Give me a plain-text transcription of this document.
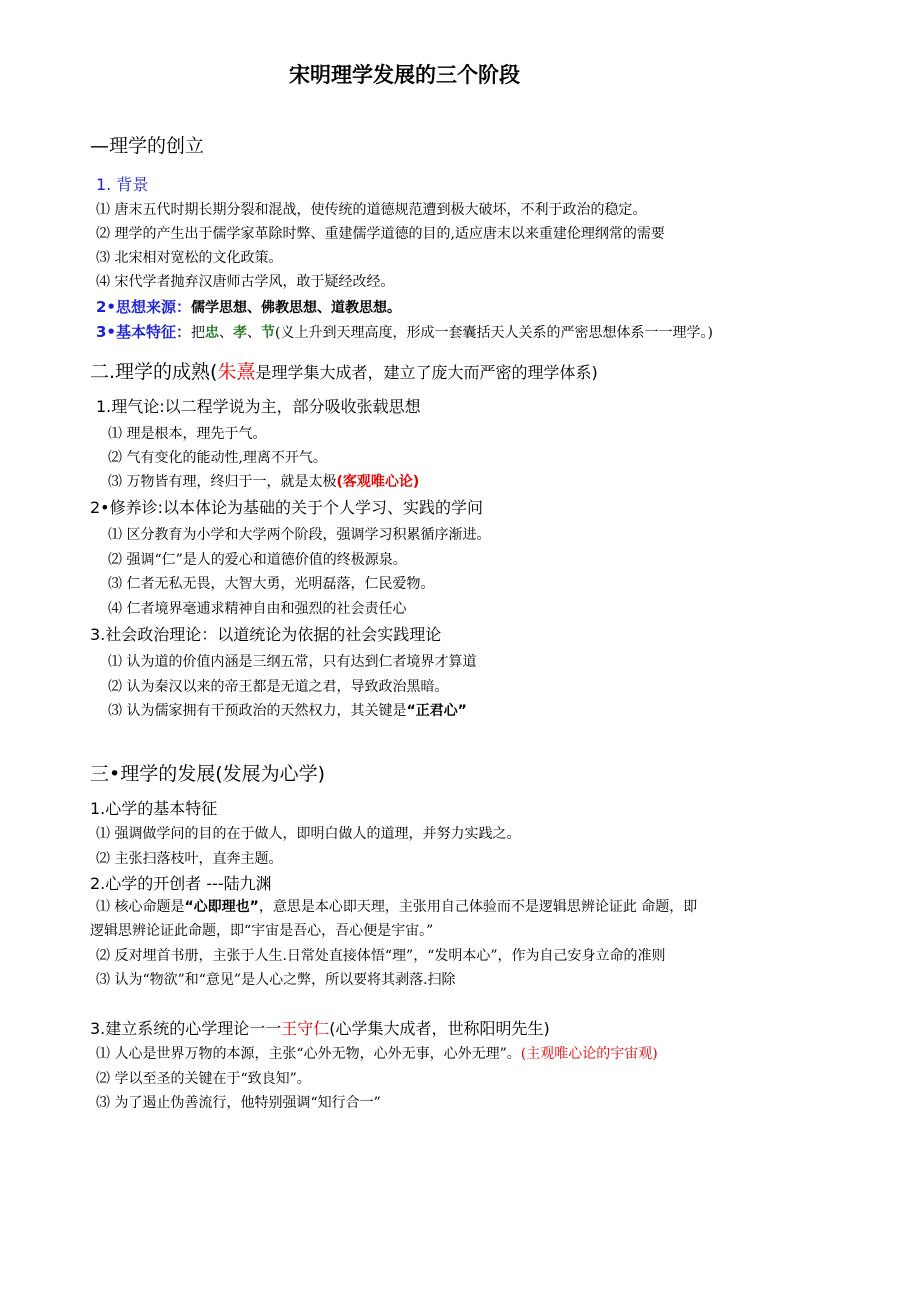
宋明理学发展的三个阶段
—理学的创立
1. 背景
⑴ 唐末五代时期长期分裂和混战，使传统的道德规范遭到极大破坏，不利于政治的稳定。
⑵ 理学的产生出于儒学家革除时弊、重建儒学道德的目的,适应唐末以来重建伦理纲常的需要
⑶ 北宋相对宽松的文化政策。
⑷ 宋代学者抛弃汉唐师古学风，敢于疑经改经。
2•思想来源：儒学思想、佛教思想、道教思想。
3•基本特征：把忠、孝、节(义上升到天理高度，形成一套囊括天人关系的严密思想体系一一理学。)
二.理学的成熟(朱熹是理学集大成者，建立了庞大而严密的理学体系)
1.理气论:以二程学说为主，部分吸收张载思想
⑴ 理是根本，理先于气。
⑵ 气有变化的能动性,理离不开气。
⑶ 万物皆有理，终归于一，就是太极(客观唯心论)
2•修养诊:以本体论为基础的关于个人学习、实践的学问
⑴ 区分教育为小学和大学两个阶段，强调学习积累循序渐进。
⑵ 强调“仁”是人的爱心和道德价值的终极源泉。
⑶ 仁者无私无畏，大智大勇，光明磊落，仁民爱物。
⑷ 仁者境界毫逋求精神自由和强烈的社会责任心
3.社会政治理论：以道统论为依据的社会实践理论
⑴ 认为道的价值内涵是三纲五常，只有达到仁者境界才算道
⑵ 认为秦汉以来的帝王都是无道之君，导致政治黑暗。
⑶ 认为儒家拥有干预政治的天然权力，其关键是“正君心”
三•理学的发展(发展为心学)
1.心学的基本特征
⑴ 强调做学问的目的在于做人，即明白做人的道理，并努力实践之。
⑵ 主张扫落枝叶，直奔主题。
2.心学的开创者 ---陆九渊
⑴ 核心命题是“心即理也”，意思是本心即天理，主张用自己体验而不是逻辑思辨论证此 命题，即
逻辑思辨论证此命题，即“宇宙是吾心，吾心便是宇宙。”
⑵ 反对埋首书册，主张于人生.日常处直接体悟“理”，“发明本心”，作为自己安身立命的准则
⑶ 认为“物欲”和“意见”是人心之弊，所以要将其剥落.扫除
3.建立系统的心学理论一一王守仁(心学集大成者，世称阳明先生)
⑴ 人心是世界万物的本源，主张“心外无物，心外无事，心外无理”。(主观唯心论的宇宙观)
⑵ 学以至圣的关键在于“致良知”。
⑶ 为了遏止伪善流行，他特别强调“知行合一”
